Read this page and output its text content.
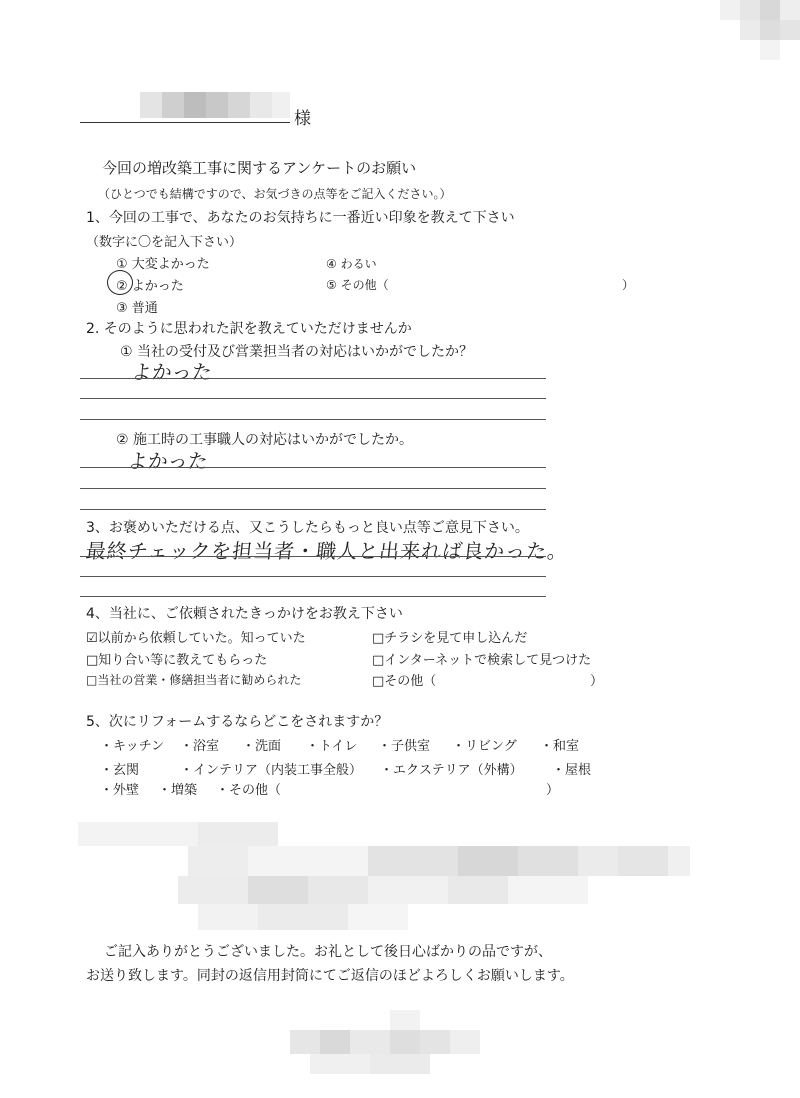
様
今回の増改築工事に関するアンケートのお願い
（ひとつでも結構ですので、お気づきの点等をご記入ください。）
1、今回の工事で、あなたのお気持ちに一番近い印象を教えて下さい
（数字に〇を記入下さい）
① 大変よかった
② よかった
③ 普通
④ わるい
⑤ その他（	）
2. そのように思われた訳を教えていただけませんか
① 当社の受付及び営業担当者の対応はいかがでしたか？
よかった
② 施工時の工事職人の対応はいかがでしたか。
よかった
3、お褒めいただける点、又こうしたらもっと良い点等ご意見下さい。
最終チェックを担当者・職人と出来れば良かった。
4、当社に、ご依頼されたきっかけをお教え下さい
☑以前から依頼していた。知っていた	□チラシを見て申し込んだ
□知り合い等に教えてもらった	□インターネットで検索して見つけた
□当社の営業・修繕担当者に勧められた	□その他（	）
5、次にリフォームするならどこをされますか？
・キッチン ・浴室 ・洗面 ・トイレ ・子供室 ・リビング ・和室
・玄関	・インテリア（内装工事全般） ・エクステリア（外構） ・屋根
・外壁 ・増築 ・その他（	）
ご記入ありがとうございました。お礼として後日心ばかりの品ですが、
お送り致します。同封の返信用封筒にてご返信のほどよろしくお願いします。
